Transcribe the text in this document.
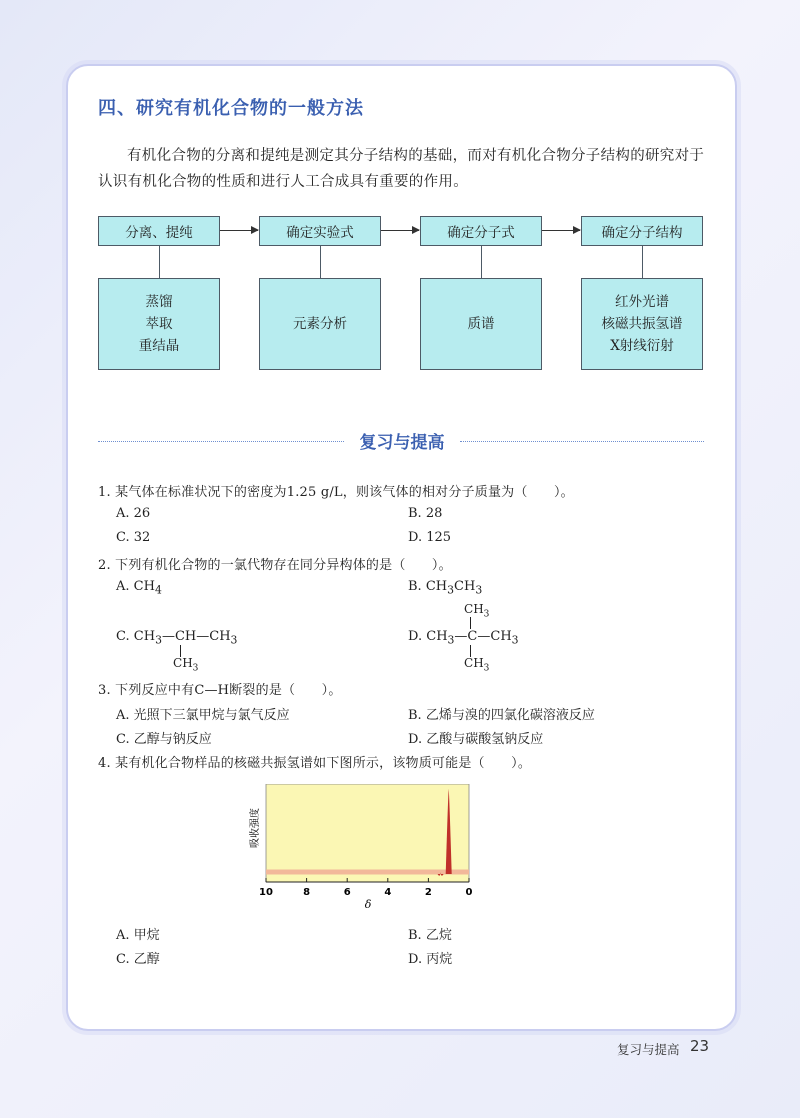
四、研究有机化合物的一般方法
有机化合物的分离和提纯是测定其分子结构的基础，而对有机化合物分子结构的研究对于认识有机化合物的性质和进行人工合成具有重要的作用。
分离、提纯	确定实验式	确定分子式	确定分子结构
蒸馏
萃取
重结晶
元素分析	质谱
红外光谱
核磁共振氢谱
X射线衍射
复习与提高
1. 某气体在标准状况下的密度为1.25 g/L，则该气体的相对分子质量为（　　）。
A. 26	B. 28
C. 32	D. 125
2. 下列有机化合物的一氯代物存在同分异构体的是（　　）。
A. $CH_4$	B. $CH_3CH_3$
C. $CH_3—CH—CH_3$
$CH_3$
$CH_3$
D. $CH_3—C—CH_3$
$CH_3$
3. 下列反应中有C—H断裂的是（　　）。
A. 光照下三氯甲烷与氯气反应	B. 乙烯与溴的四氯化碳溶液反应
C. 乙醇与钠反应	D. 乙酸与碳酸氢钠反应
4. 某有机化合物样品的核磁共振氢谱如下图所示，该物质可能是（　　）。
10	8	6	4	2	0
吸收强度
δ
A. 甲烷	B. 乙烷
C. 乙醇	D. 丙烷
复习与提高 23
